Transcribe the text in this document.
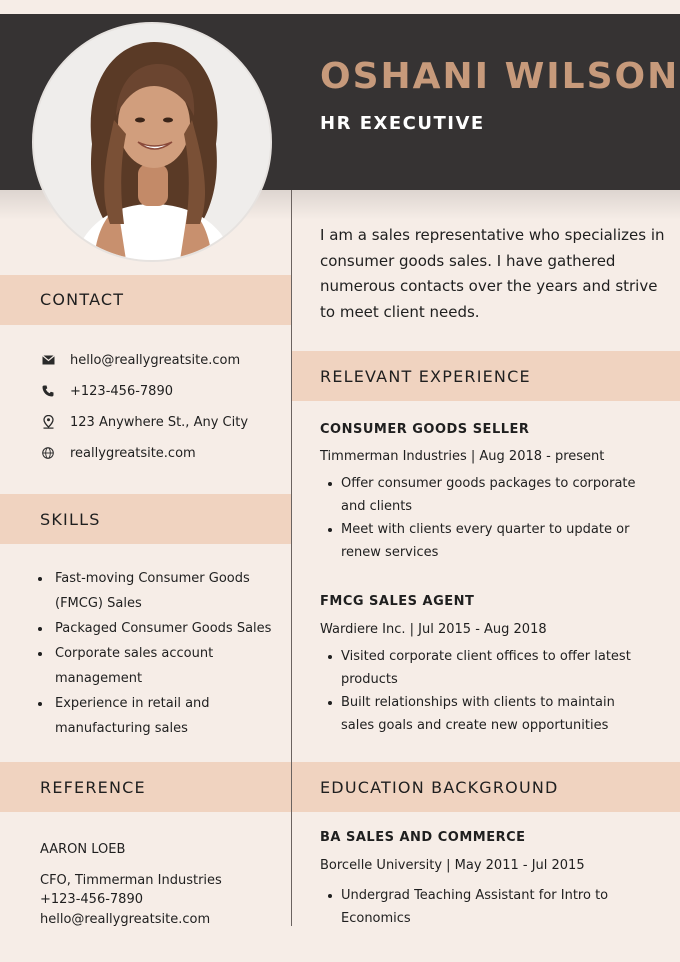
OSHANI WILSON
HR EXECUTIVE
I am a sales representative who specializes in consumer goods sales. I have gathered numerous contacts over the years and strive to meet client needs.
CONTACT
hello@reallygreatsite.com
+123-456-7890
123 Anywhere St., Any City
reallygreatsite.com
SKILLS
Fast-moving Consumer Goods (FMCG) Sales
Packaged Consumer Goods Sales
Corporate sales account management
Experience in retail and manufacturing sales
REFERENCE
AARON LOEB
CFO, Timmerman Industries
+123-456-7890
hello@reallygreatsite.com
RELEVANT EXPERIENCE
CONSUMER GOODS SELLER
Timmerman Industries | Aug 2018 - present
Offer consumer goods packages to corporate and clients
Meet with clients every quarter to update or renew services
FMCG SALES AGENT
Wardiere Inc. | Jul 2015 - Aug 2018
Visited corporate client offices to offer latest products
Built relationships with clients to maintain sales goals and create new opportunities
EDUCATION BACKGROUND
BA SALES AND COMMERCE
Borcelle University | May 2011 - Jul 2015
Undergrad Teaching Assistant for Intro to Economics
